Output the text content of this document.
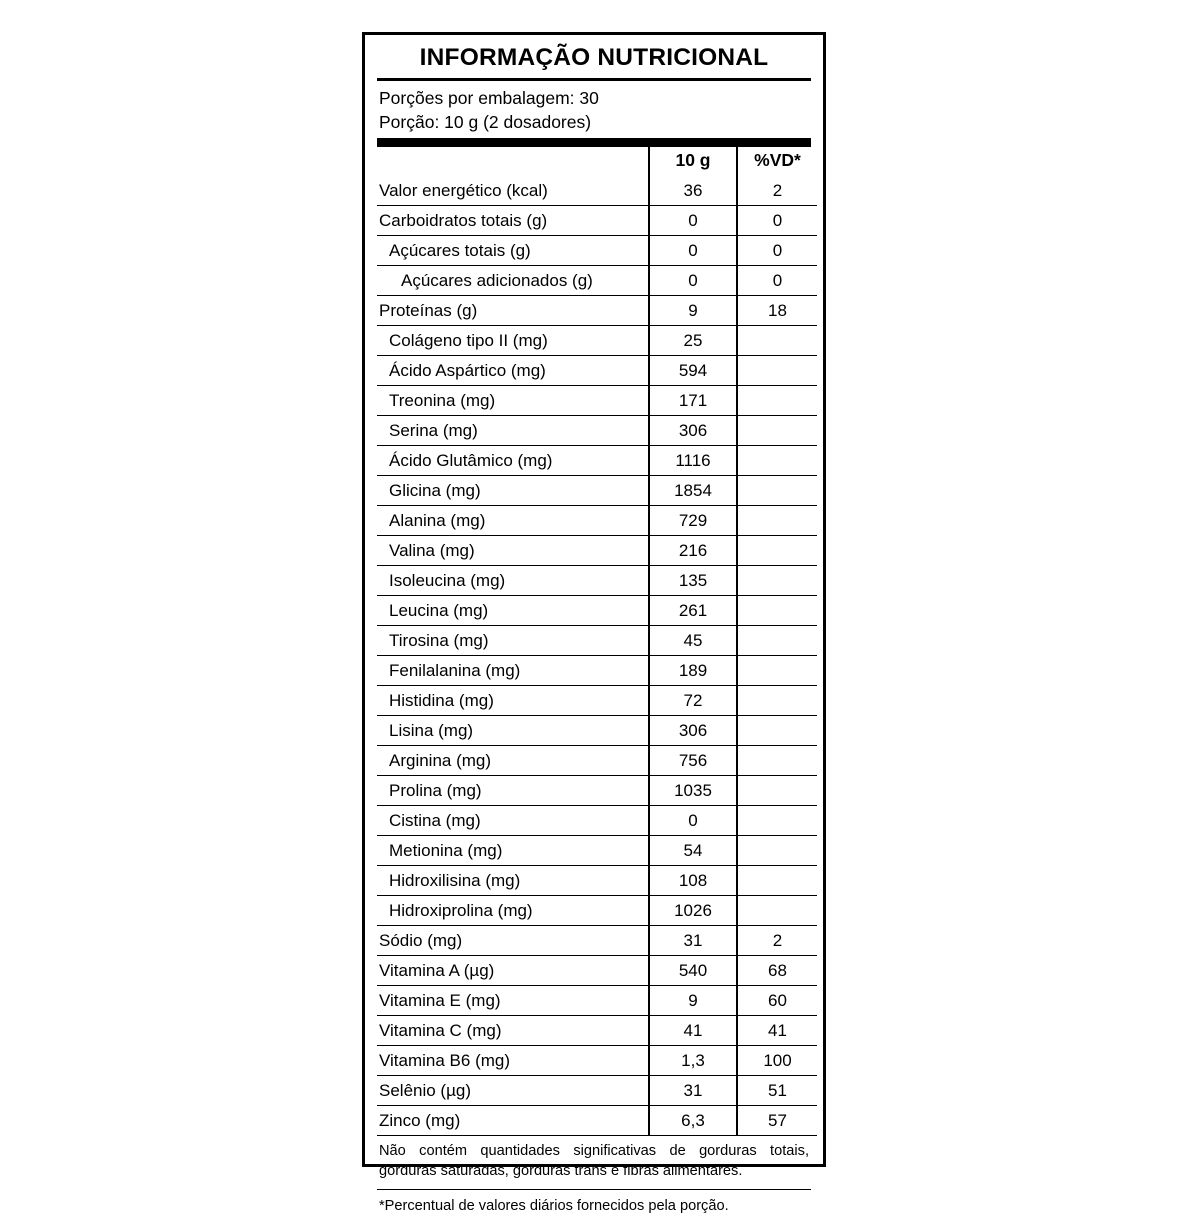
INFORMAÇÃO NUTRICIONAL
Porções por embalagem: 30
Porção: 10 g (2 dosadores)
	10 g	%VD*
Valor energético (kcal)	36	2
Carboidratos totais (g)	0	0
Açúcares totais (g)	0	0
Açúcares adicionados (g)	0	0
Proteínas (g)	9	18
Colágeno tipo II (mg)	25	
Ácido Aspártico (mg)	594	
Treonina (mg)	171	
Serina (mg)	306	
Ácido Glutâmico (mg)	1116	
Glicina (mg)	1854	
Alanina (mg)	729	
Valina (mg)	216	
Isoleucina (mg)	135	
Leucina (mg)	261	
Tirosina (mg)	45	
Fenilalanina (mg)	189	
Histidina (mg)	72	
Lisina (mg)	306	
Arginina (mg)	756	
Prolina (mg)	1035	
Cistina (mg)	0	
Metionina (mg)	54	
Hidroxilisina (mg)	108	
Hidroxiprolina (mg)	1026	
Sódio (mg)	31	2
Vitamina A (µg)	540	68
Vitamina E (mg)	9	60
Vitamina C (mg)	41	41
Vitamina B6 (mg)	1,3	100
Selênio (µg)	31	51
Zinco (mg)	6,3	57
Não contém quantidades significativas de gorduras totais, gorduras saturadas, gorduras trans e fibras alimentares.
*Percentual de valores diários fornecidos pela porção.
